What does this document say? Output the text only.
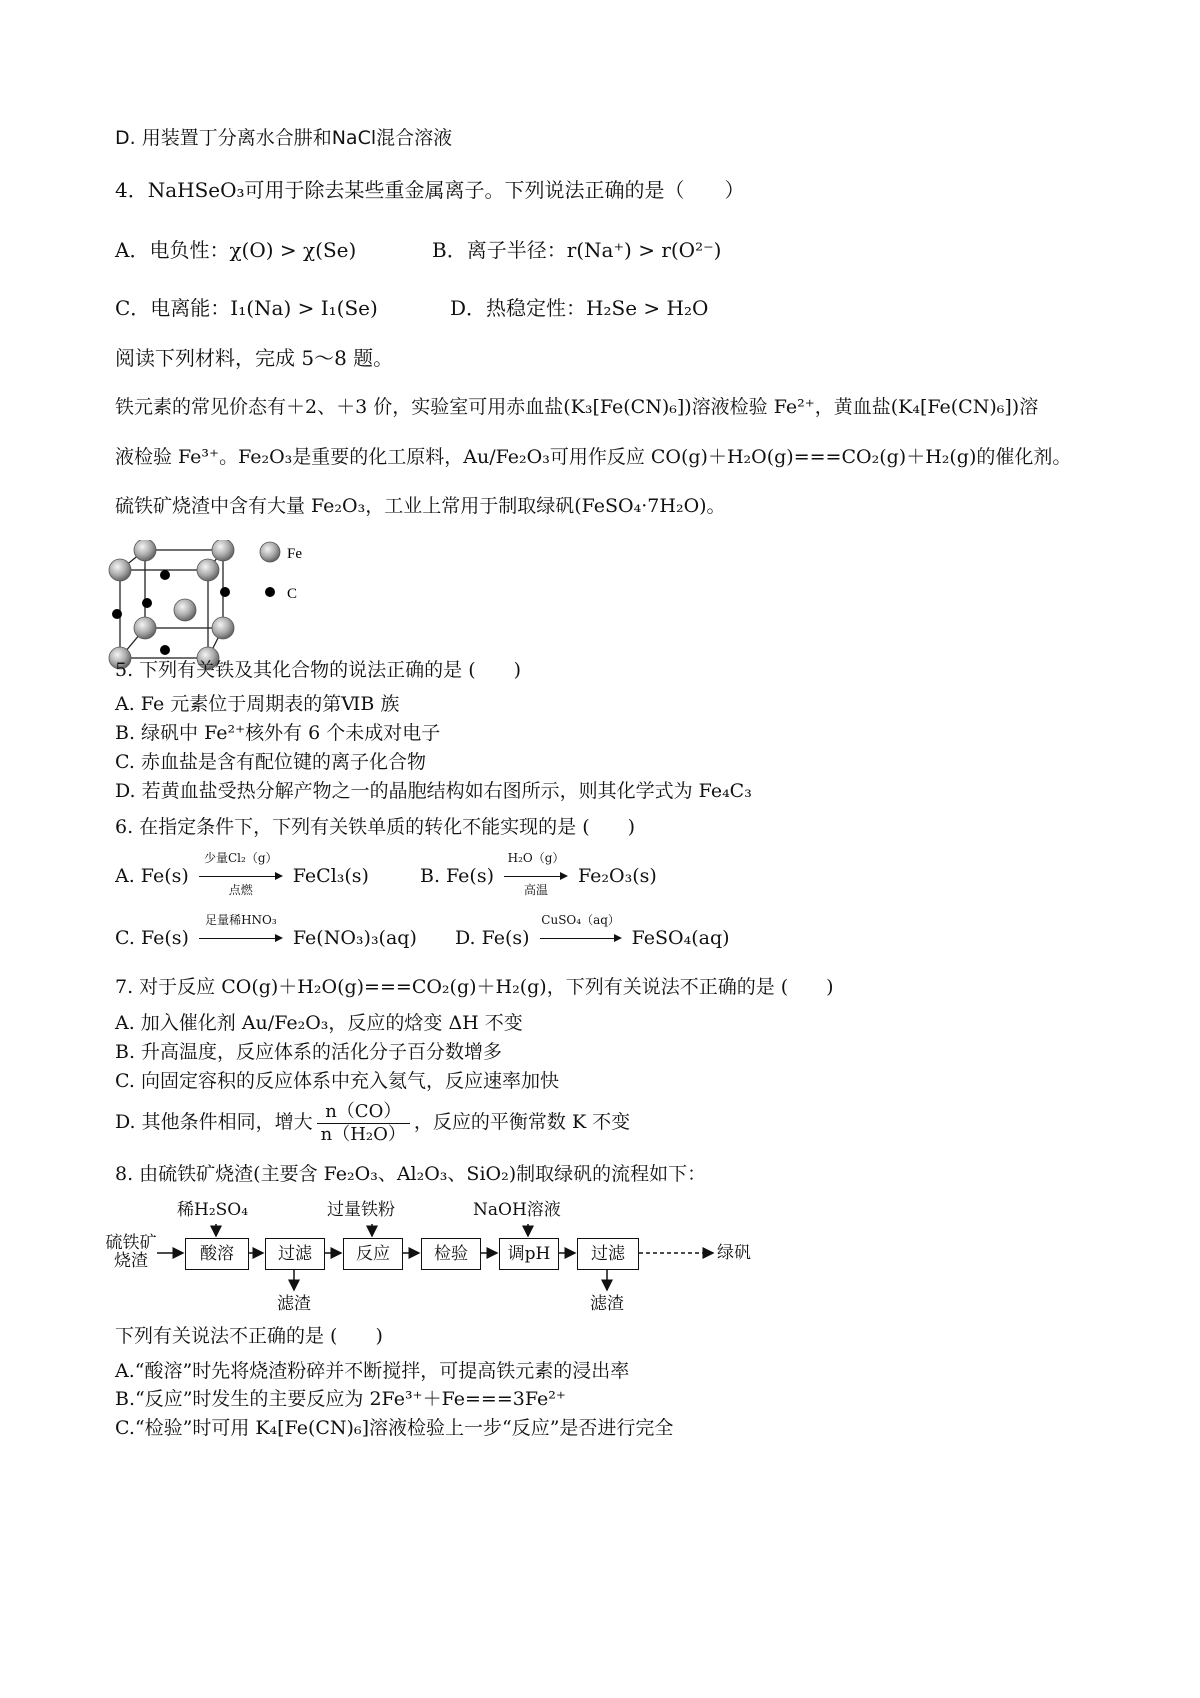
D. 用装置丁分离水合肼和NaCl混合溶液
4．NaHSeO₃可用于除去某些重金属离子。下列说法正确的是（　　）
A．电负性：χ(O) > χ(Se)	B．离子半径：r(Na⁺) > r(O²⁻)
C．电离能：I₁(Na) > I₁(Se)	D．热稳定性：H₂Se > H₂O
阅读下列材料，完成 5～8 题。
铁元素的常见价态有＋2、＋3 价，实验室可用赤血盐(K₃[Fe(CN)₆])溶液检验 Fe²⁺，黄血盐(K₄[Fe(CN)₆])溶
液检验 Fe³⁺。Fe₂O₃是重要的化工原料，Au/Fe₂O₃可用作反应 CO(g)＋H₂O(g)===CO₂(g)＋H₂(g)的催化剂。
硫铁矿烧渣中含有大量 Fe₂O₃，工业上常用于制取绿矾(FeSO₄·7H₂O)。
Fe
C
5. 下列有关铁及其化合物的说法正确的是 (　　)
A. Fe 元素位于周期表的第ⅥB 族
B. 绿矾中 Fe²⁺核外有 6 个未成对电子
C. 赤血盐是含有配位键的离子化合物
D. 若黄血盐受热分解产物之一的晶胞结构如右图所示，则其化学式为 Fe₄C₃
6. 在指定条件下，下列有关铁单质的转化不能实现的是 (　　)
A. Fe(s)
少量Cl₂（g）
点燃
FeCl₃(s)	B. Fe(s)
H₂O（g）
高温
Fe₂O₃(s)
C. Fe(s)
足量稀HNO₃
Fe(NO₃)₃(aq) D. Fe(s)
CuSO₄（aq）
FeSO₄(aq)
7. 对于反应 CO(g)＋H₂O(g)===CO₂(g)＋H₂(g)，下列有关说法不正确的是 (　　)
A. 加入催化剂 Au/Fe₂O₃，反应的焓变 ΔH 不变
B. 升高温度，反应体系的活化分子百分数增多
C. 向固定容积的反应体系中充入氦气，反应速率加快
D. 其他条件相同，增大 $\frac{n(CO)}{\text{n（H₂O）}}$ ，反应的平衡常数 K 不变
8. 由硫铁矿烧渣(主要含 Fe₂O₃、Al₂O₃、SiO₂)制取绿矾的流程如下：
硫铁矿烧渣	酸溶	过滤	反应	检验	调pH	过滤	绿矾
稀H₂SO₄	过量铁粉	NaOH溶液
滤渣	滤渣
下列有关说法不正确的是 (　　)
A.“酸溶”时先将烧渣粉碎并不断搅拌，可提高铁元素的浸出率
B.“反应”时发生的主要反应为 2Fe³⁺＋Fe===3Fe²⁺
C.“检验”时可用 K₄[Fe(CN)₆]溶液检验上一步“反应”是否进行完全
